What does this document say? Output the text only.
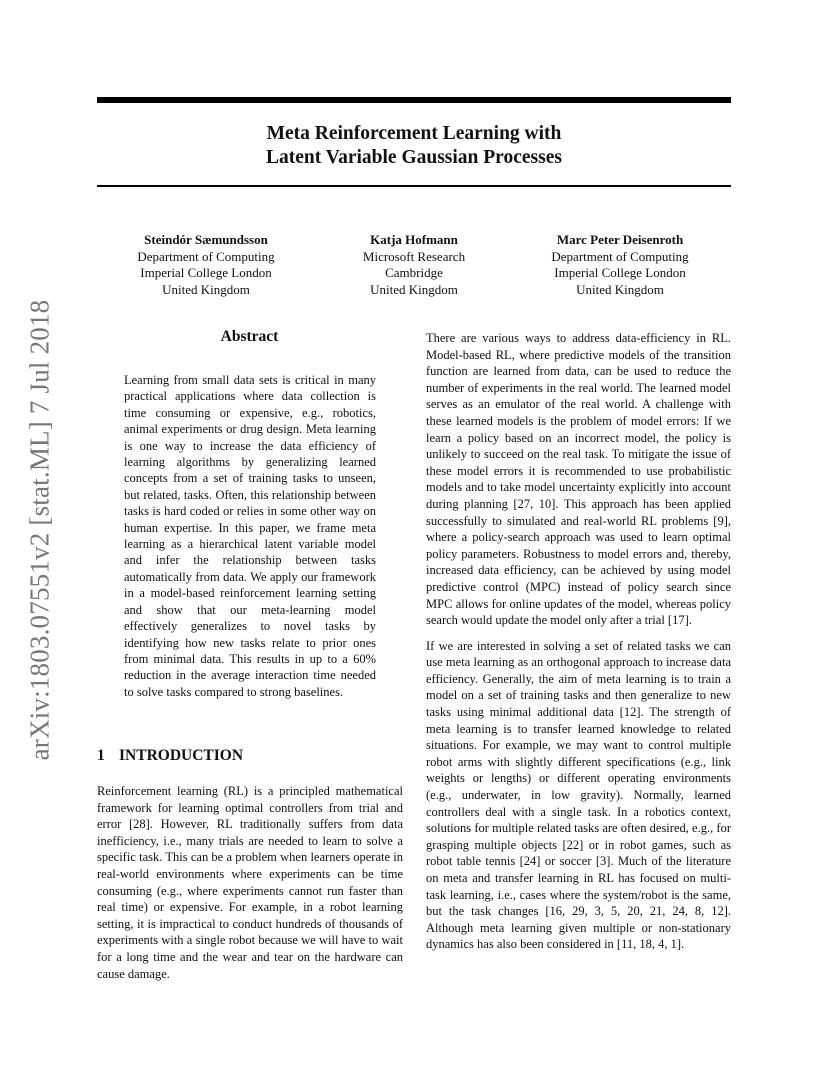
Meta Reinforcement Learning with
Latent Variable Gaussian Processes
Steindór Sæmundsson
Department of Computing
Imperial College London
United Kingdom
Katja Hofmann
Microsoft Research
Cambridge
United Kingdom
Marc Peter Deisenroth
Department of Computing
Imperial College London
United Kingdom
arXiv:1803.07551v2 [stat.ML] 7 Jul 2018	Abstract

Learning from small data sets is critical in many practical applications where data collection is time consuming or expensive, e.g., robotics, animal experiments or drug design. Meta learning is one way to increase the data efficiency of learning algorithms by generalizing learned concepts from a set of training tasks to unseen, but related, tasks. Often, this relationship between tasks is hard coded or relies in some other way on human expertise. In this paper, we frame meta learning as a hierarchical latent variable model and infer the relationship between tasks automatically from data. We apply our framework in a model-based reinforcement learning setting and show that our meta-learning model effectively generalizes to novel tasks by identifying how new tasks relate to prior ones from minimal data. This results in up to a 60% reduction in the average interaction time needed to solve tasks compared to strong baselines.

1 INTRODUCTION

Reinforcement learning (RL) is a principled mathematical framework for learning optimal controllers from trial and error [28]. However, RL traditionally suffers from data inefficiency, i.e., many trials are needed to learn to solve a specific task. This can be a problem when learners operate in real-world environments where experiments can be time consuming (e.g., where experiments cannot run faster than real time) or expensive. For example, in a robot learning setting, it is impractical to conduct hundreds of thousands of experiments with a single robot because we will have to wait for a long time and the wear and tear on the hardware can cause damage.

There are various ways to address data-efficiency in RL. Model-based RL, where predictive models of the transition function are learned from data, can be used to reduce the number of experiments in the real world. The learned model serves as an emulator of the real world. A challenge with these learned models is the problem of model errors: If we learn a policy based on an incorrect model, the policy is unlikely to succeed on the real task. To mitigate the issue of these model errors it is recommended to use probabilistic models and to take model uncertainty explicitly into account during planning [27, 10]. This approach has been applied successfully to simulated and real-world RL problems [9], where a policy-search approach was used to learn optimal policy parameters. Robustness to model errors and, thereby, increased data efficiency, can be achieved by using model predictive control (MPC) instead of policy search since MPC allows for online updates of the model, whereas policy search would update the model only after a trial [17].

If we are interested in solving a set of related tasks we can use meta learning as an orthogonal approach to increase data efficiency. Generally, the aim of meta learning is to train a model on a set of training tasks and then generalize to new tasks using minimal additional data [12]. The strength of meta learning is to transfer learned knowledge to related situations. For example, we may want to control multiple robot arms with slightly different specifications (e.g., link weights or lengths) or different operating environments (e.g., underwater, in low gravity). Normally, learned controllers deal with a single task. In a robotics context, solutions for multiple related tasks are often desired, e.g., for grasping multiple objects [22] or in robot games, such as robot table tennis [24] or soccer [3]. Much of the literature on meta and transfer learning in RL has focused on multi-task learning, i.e., cases where the system/robot is the same, but the task changes [16, 29, 3, 5, 20, 21, 24, 8, 12]. Although meta learning given multiple or non-stationary dynamics has also been considered in [11, 18, 4, 1].
